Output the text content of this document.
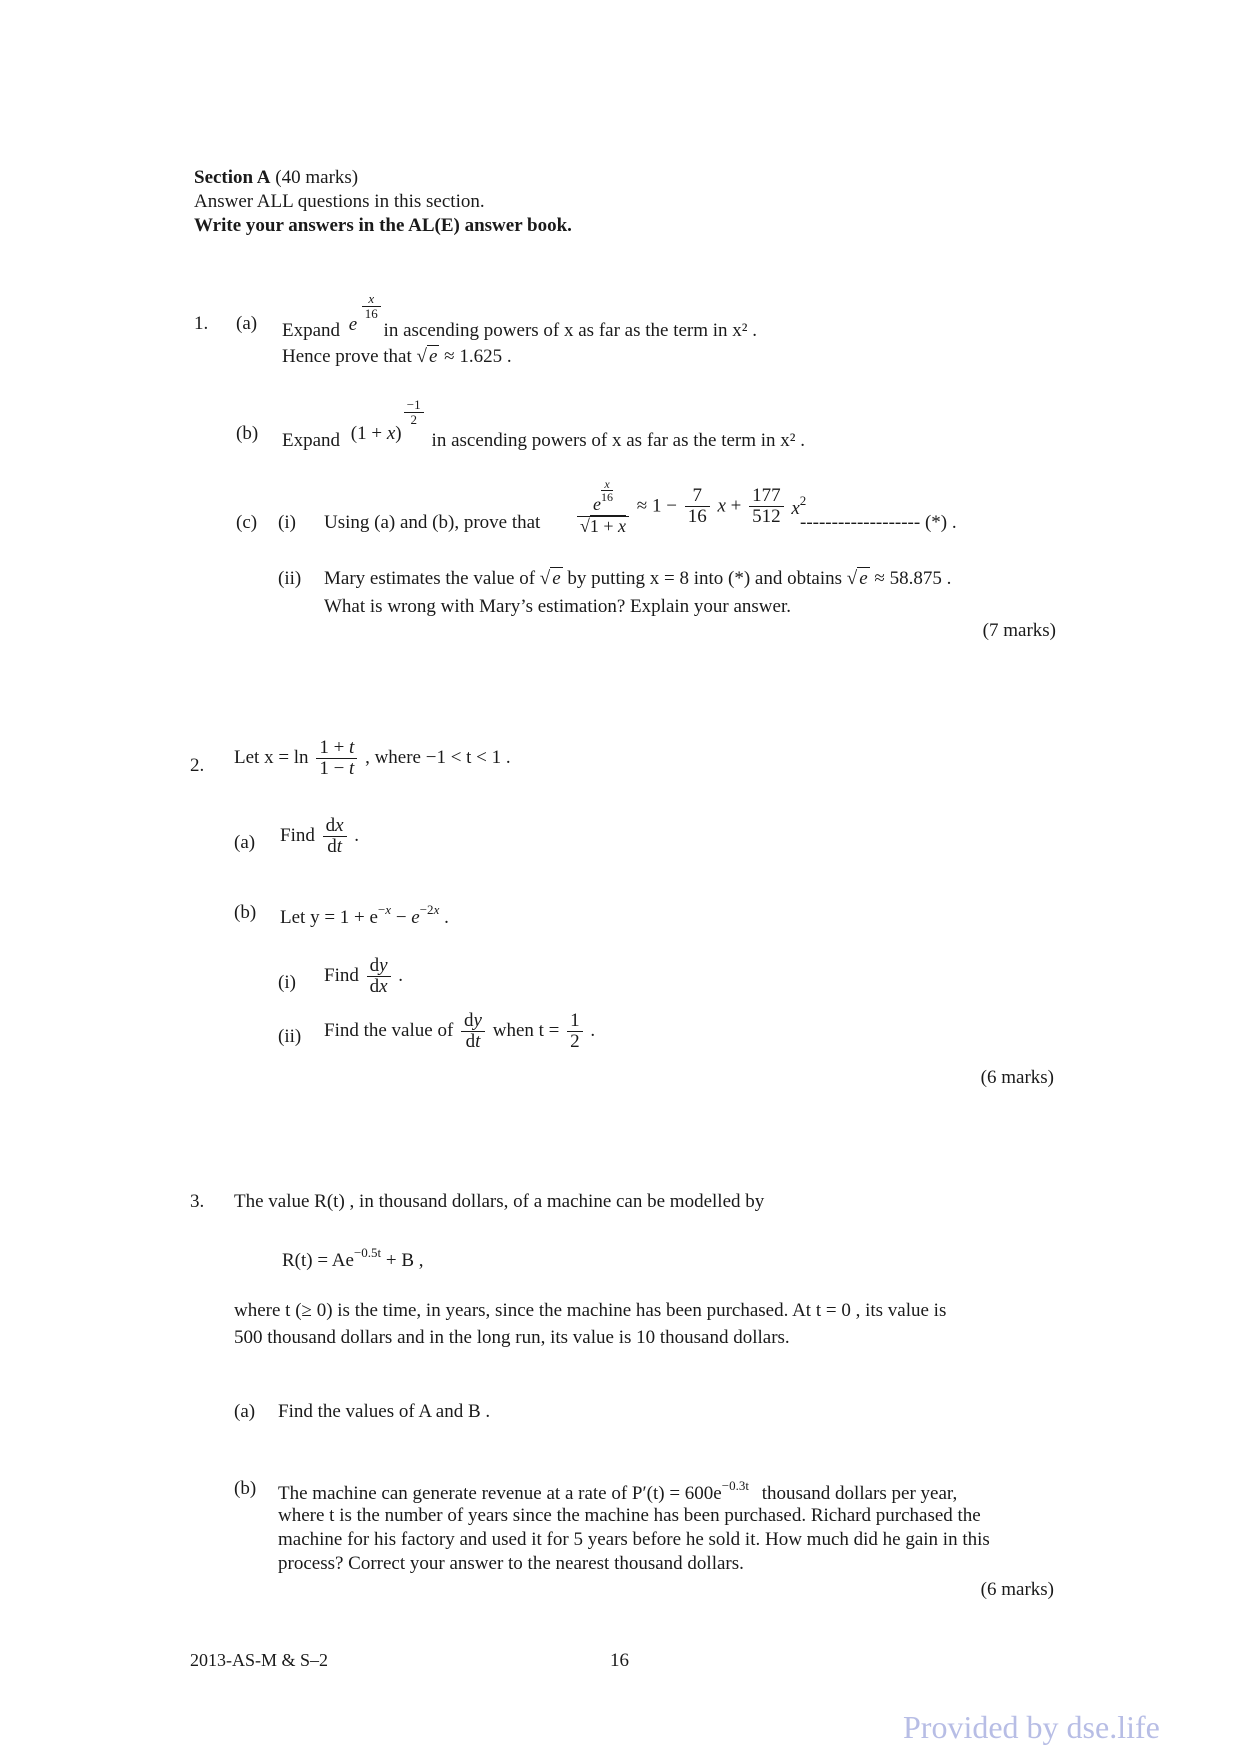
Section A (40 marks)
Answer ALL questions in this section.
Write your answers in the AL(E) answer book.
1. (a) Expand e
$\frac{x}{16}$
in ascending powers of x as far as the term in x² .
Hence prove that √ e ≈ 1.625 .
(b) Expand (1 + x)
$\frac{-1}{2}$
in ascending powers of x as far as the term in x² .
(c) (i) Using (a) and (b), prove that e
$^{\frac{x}{16}}$
$√1 + x \approx 1 - \frac{7}{16}$ $x + \frac{177}{512} x^2$
------------------- (*) .
(ii) Mary estimates the value of √ e by putting x = 8 into (*) and obtains √ e ≈ 58.875 .
What is wrong with Mary’s estimation? Explain your answer.
(7 marks)
2. Let $x = \ln \frac{1 + t}{1 - t}$ , where −1 < t < 1 .
(a) Find $\frac{dx}{dt}$ .
(b) Let $y = 1 + e^{-x} - e^{-2x}$ .
(i) Find $\frac{dy}{dx}$ .
(ii) Find the value of $\frac{dy}{dt}$ when $t = \frac{1}{2}$ .
(6 marks)
3. The value R(t) , in thousand dollars, of a machine can be modelled by
$R(t) = Ae^{-0.5t} + B$ ,
where t (≥ 0) is the time, in years, since the machine has been purchased. At t = 0 , its value is
500 thousand dollars and in the long run, its value is 10 thousand dollars.
(a) Find the values of A and B .
(b) The machine can generate revenue at a rate of $P'(t) = 600e^{-0.3t}$ thousand dollars per year,
where t is the number of years since the machine has been purchased. Richard purchased the
machine for his factory and used it for 5 years before he sold it. How much did he gain in this
process? Correct your answer to the nearest thousand dollars.
(6 marks)
2013-AS-M & S–2	16
Provided by dse.life
